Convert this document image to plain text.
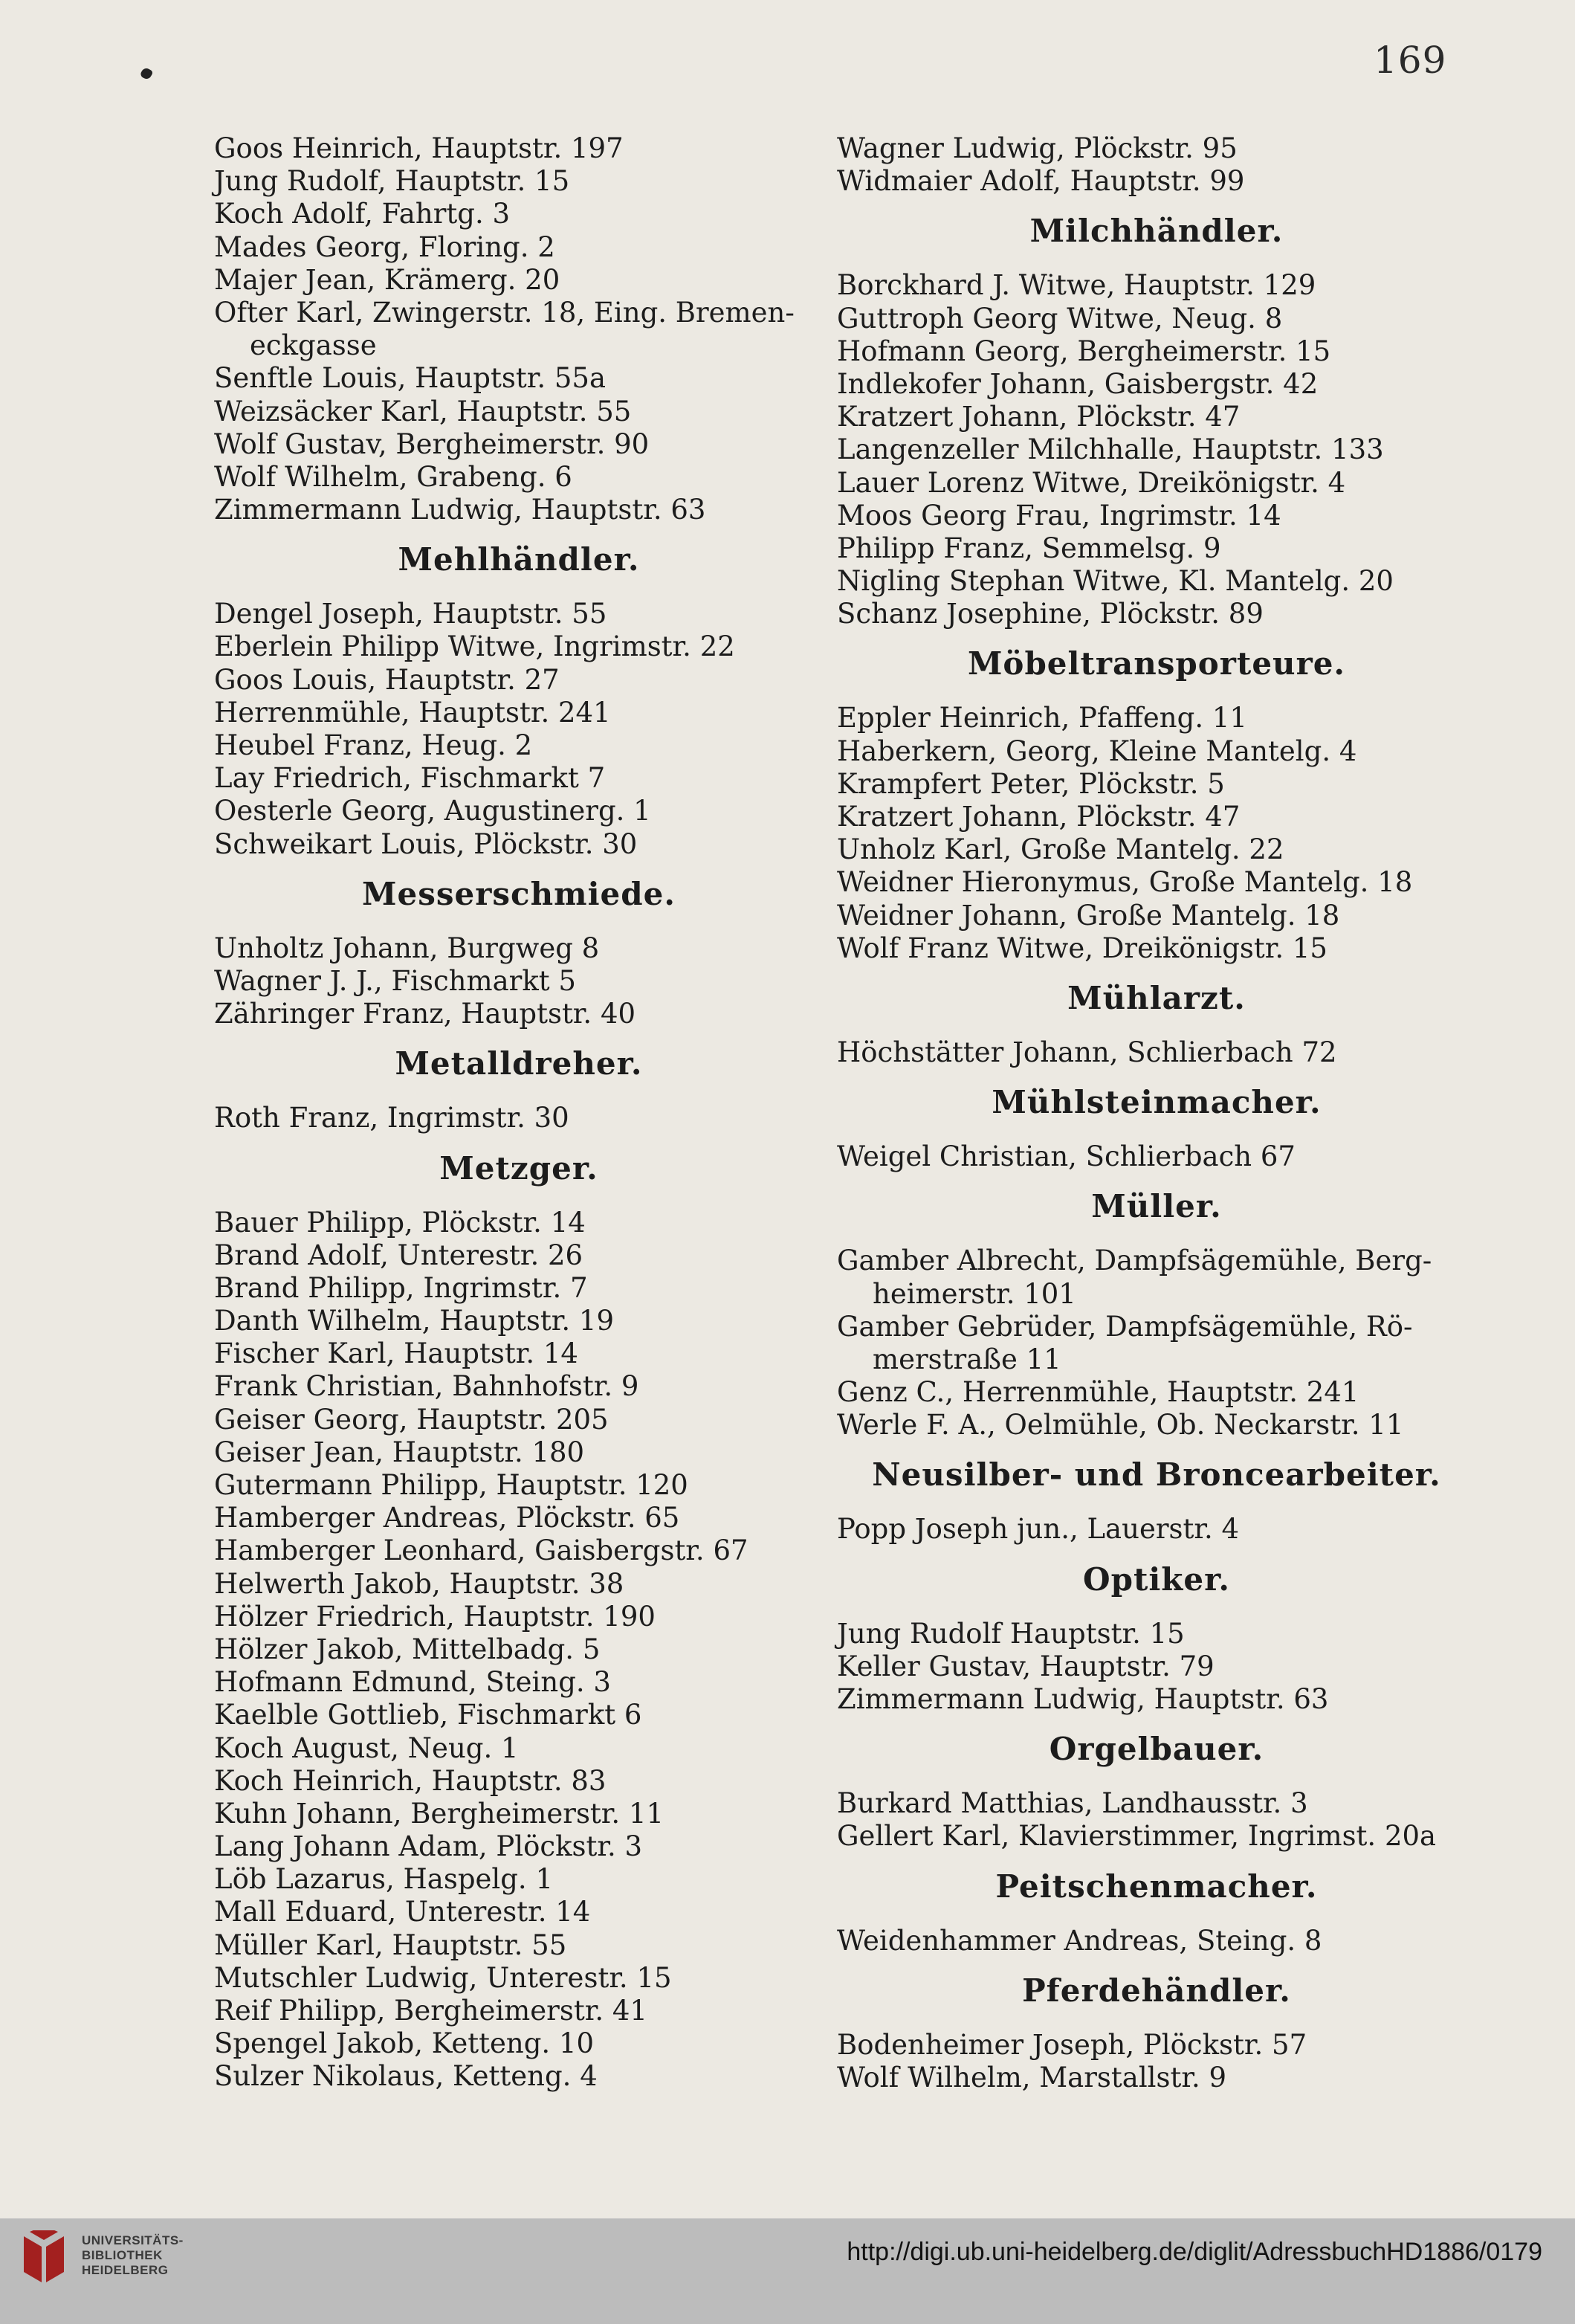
169
Goos Heinrich, Hauptstr. 197
Jung Rudolf, Hauptstr. 15
Koch Adolf, Fahrtg. 3
Mades Georg, Floring. 2
Majer Jean, Krämerg. 20
Ofter Karl, Zwingerstr. 18, Eing. Bremen-
eckgasse
Senftle Louis, Hauptstr. 55a
Weizsäcker Karl, Hauptstr. 55
Wolf Gustav, Bergheimerstr. 90
Wolf Wilhelm, Grabeng. 6
Zimmermann Ludwig, Hauptstr. 63
Mehlhändler.
Dengel Joseph, Hauptstr. 55
Eberlein Philipp Witwe, Ingrimstr. 22
Goos Louis, Hauptstr. 27
Herrenmühle, Hauptstr. 241
Heubel Franz, Heug. 2
Lay Friedrich, Fischmarkt 7
Oesterle Georg, Augustinerg. 1
Schweikart Louis, Plöckstr. 30
Messerschmiede.
Unholtz Johann, Burgweg 8
Wagner J. J., Fischmarkt 5
Zähringer Franz, Hauptstr. 40
Metalldreher.
Roth Franz, Ingrimstr. 30
Metzger.
Bauer Philipp, Plöckstr. 14
Brand Adolf, Unterestr. 26
Brand Philipp, Ingrimstr. 7
Danth Wilhelm, Hauptstr. 19
Fischer Karl, Hauptstr. 14
Frank Christian, Bahnhofstr. 9
Geiser Georg, Hauptstr. 205
Geiser Jean, Hauptstr. 180
Gutermann Philipp, Hauptstr. 120
Hamberger Andreas, Plöckstr. 65
Hamberger Leonhard, Gaisbergstr. 67
Helwerth Jakob, Hauptstr. 38
Hölzer Friedrich, Hauptstr. 190
Hölzer Jakob, Mittelbadg. 5
Hofmann Edmund, Steing. 3
Kaelble Gottlieb, Fischmarkt 6
Koch August, Neug. 1
Koch Heinrich, Hauptstr. 83
Kuhn Johann, Bergheimerstr. 11
Lang Johann Adam, Plöckstr. 3
Löb Lazarus, Haspelg. 1
Mall Eduard, Unterestr. 14
Müller Karl, Hauptstr. 55
Mutschler Ludwig, Unterestr. 15
Reif Philipp, Bergheimerstr. 41
Spengel Jakob, Ketteng. 10
Sulzer Nikolaus, Ketteng. 4
Wagner Ludwig, Plöckstr. 95
Widmaier Adolf, Hauptstr. 99
Milchhändler.
Borckhard J. Witwe, Hauptstr. 129
Guttroph Georg Witwe, Neug. 8
Hofmann Georg, Bergheimerstr. 15
Indlekofer Johann, Gaisbergstr. 42
Kratzert Johann, Plöckstr. 47
Langenzeller Milchhalle, Hauptstr. 133
Lauer Lorenz Witwe, Dreikönigstr. 4
Moos Georg Frau, Ingrimstr. 14
Philipp Franz, Semmelsg. 9
Nigling Stephan Witwe, Kl. Mantelg. 20
Schanz Josephine, Plöckstr. 89
Möbeltransporteure.
Eppler Heinrich, Pfaffeng. 11
Haberkern, Georg, Kleine Mantelg. 4
Krampfert Peter, Plöckstr. 5
Kratzert Johann, Plöckstr. 47
Unholz Karl, Große Mantelg. 22
Weidner Hieronymus, Große Mantelg. 18
Weidner Johann, Große Mantelg. 18
Wolf Franz Witwe, Dreikönigstr. 15
Mühlarzt.
Höchstätter Johann, Schlierbach 72
Mühlsteinmacher.
Weigel Christian, Schlierbach 67
Müller.
Gamber Albrecht, Dampfsägemühle, Berg-
heimerstr. 101
Gamber Gebrüder, Dampfsägemühle, Rö-
merstraße 11
Genz C., Herrenmühle, Hauptstr. 241
Werle F. A., Oelmühle, Ob. Neckarstr. 11
Neusilber- und Broncearbeiter.
Popp Joseph jun., Lauerstr. 4
Optiker.
Jung Rudolf Hauptstr. 15
Keller Gustav, Hauptstr. 79
Zimmermann Ludwig, Hauptstr. 63
Orgelbauer.
Burkard Matthias, Landhausstr. 3
Gellert Karl, Klavierstimmer, Ingrimst. 20a
Peitschenmacher.
Weidenhammer Andreas, Steing. 8
Pferdehändler.
Bodenheimer Joseph, Plöckstr. 57
Wolf Wilhelm, Marstallstr. 9
UNIVERSITÄTS-
BIBLIOTHEK
HEIDELBERG
http://digi.ub.uni-heidelberg.de/diglit/AdressbuchHD1886/0179
